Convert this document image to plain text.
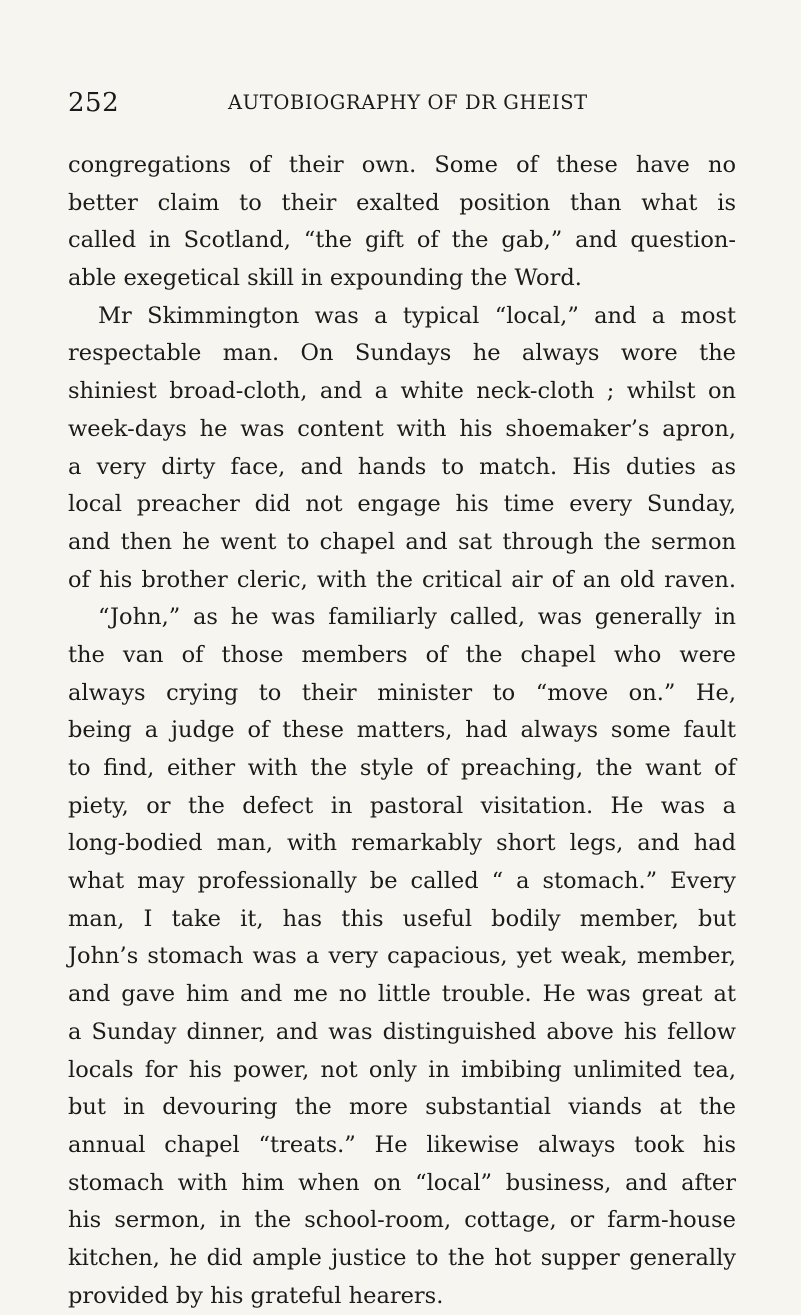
252	AUTOBIOGRAPHY OF DR GHEIST
congregations of their own. Some of these have no
better claim to their exalted position than what is
called in Scotland, “the gift of the gab,” and question-
able exegetical skill in expounding the Word.
Mr Skimmington was a typical “local,” and a most
respectable man. On Sundays he always wore the
shiniest broad-cloth, and a white neck-cloth ; whilst on
week-days he was content with his shoemaker’s apron,
a very dirty face, and hands to match. His duties as
local preacher did not engage his time every Sunday,
and then he went to chapel and sat through the sermon
of his brother cleric, with the critical air of an old raven.
“John,” as he was familiarly called, was generally in
the van of those members of the chapel who were
always crying to their minister to “move on.” He,
being a judge of these matters, had always some fault
to find, either with the style of preaching, the want of
piety, or the defect in pastoral visitation. He was a
long-bodied man, with remarkably short legs, and had
what may professionally be called “ a stomach.” Every
man, I take it, has this useful bodily member, but
John’s stomach was a very capacious, yet weak, member,
and gave him and me no little trouble. He was great at
a Sunday dinner, and was distinguished above his fellow
locals for his power, not only in imbibing unlimited tea,
but in devouring the more substantial viands at the
annual chapel “treats.” He likewise always took his
stomach with him when on “local” business, and after
his sermon, in the school-room, cottage, or farm-house
kitchen, he did ample justice to the hot supper generally
provided by his grateful hearers.
